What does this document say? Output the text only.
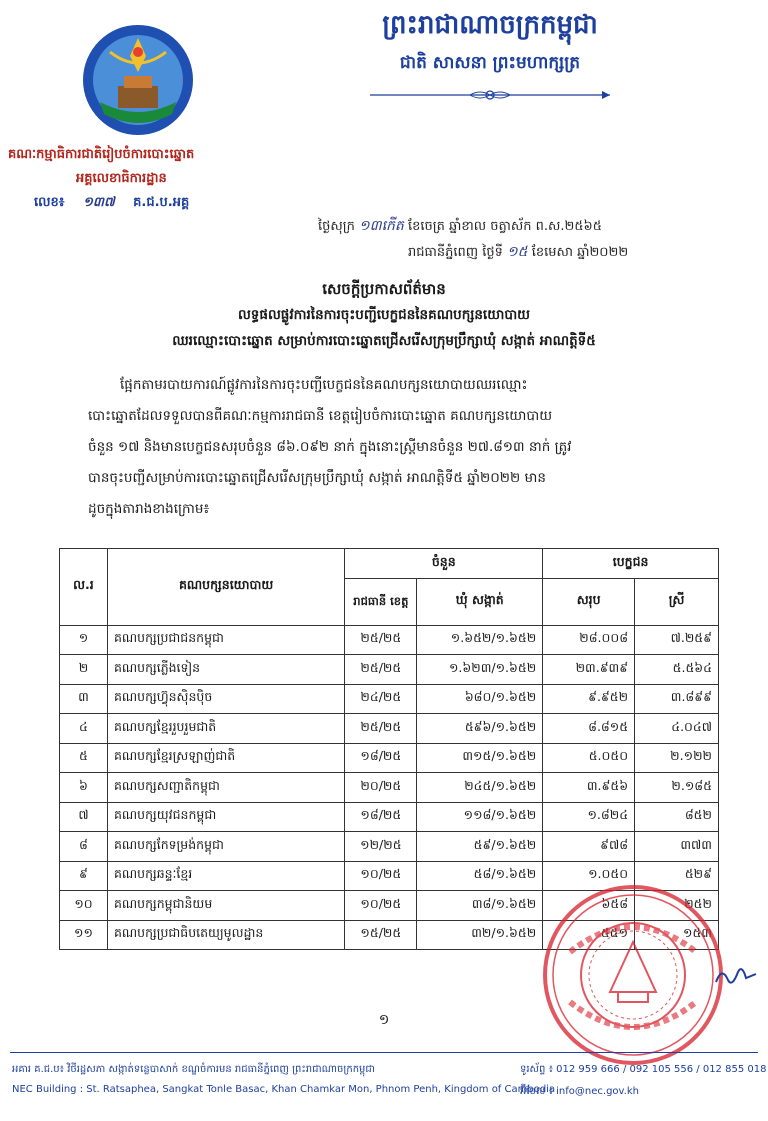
ព្រះរាជាណាចក្រកម្ពុជា
ជាតិ សាសនា ព្រះមហាក្សត្រ
គណៈកម្មាធិការជាតិរៀបចំការបោះឆ្នោត
អគ្គលេខាធិការដ្ឋាន
លេខ៖ ១៣៧ គ.ជ.ប.អគ្គ
ថ្ងៃសុក្រ ១៣កើត ខែចេត្រ ឆ្នាំខាល ចត្វាស័ក ព.ស.២៥៦៥
រាជធានីភ្នំពេញ ថ្ងៃទី ១៥ ខែមេសា ឆ្នាំ២០២២
សេចក្តីប្រកាសព័ត៌មាន
លទ្ធផលផ្លូវការនៃការចុះបញ្ជីបេក្ខជននៃគណបក្សនយោបាយ
ឈរឈ្មោះបោះឆ្នោត សម្រាប់ការបោះឆ្នោតជ្រើសរើសក្រុមប្រឹក្សាឃុំ សង្កាត់ អាណត្តិទី៥
ផ្អែកតាមរបាយការណ៍ផ្លូវការនៃការចុះបញ្ជីបេក្ខជននៃគណបក្សនយោបាយឈរឈ្មោះ
បោះឆ្នោតដែលទទួលបានពីគណៈកម្មការរាជធានី ខេត្តរៀបចំការបោះឆ្នោត គណបក្សនយោបាយ
ចំនួន ១៧ និងមានបេក្ខជនសរុបចំនួន ៨៦.០៩២ នាក់ ក្នុងនោះស្ត្រីមានចំនួន ២៧.៨១៣ នាក់ ត្រូវ
បានចុះបញ្ជីសម្រាប់ការបោះឆ្នោតជ្រើសរើសក្រុមប្រឹក្សាឃុំ សង្កាត់ អាណត្តិទី៥ ឆ្នាំ២០២២ មាន
ដូចក្នុងតារាងខាងក្រោម៖
ល.រ	គណបក្សនយោបាយ	ចំនួន		បេក្ខជន	
		រាជធានី ខេត្ត	ឃុំ សង្កាត់	សរុប	ស្រី
១	គណបក្សប្រជាជនកម្ពុជា	២៥/២៥	១.៦៥២/១.៦៥២	២៨.០០៨	៧.២៥៩
២	គណបក្សភ្លើងទៀន	២៥/២៥	១.៦២៣/១.៦៥២	២៣.៩៣៩	៥.៥៦៤
៣	គណបក្សហ៊្វុនស៊ិនប៉ិច	២៤/២៥	៦៨០/១.៦៥២	៩.៩៥២	៣.៨៩៩
៤	គណបក្សខ្មែររួបរួមជាតិ	២៥/២៥	៥៩៦/១.៦៥២	៨.៨១៥	៤.០៤៧
៥	គណបក្សខ្មែរស្រឡាញ់ជាតិ	១៨/២៥	៣១៥/១.៦៥២	៥.០៥០	២.១២២
៦	គណបក្សសញ្ជាតិកម្ពុជា	២០/២៥	២៤៥/១.៦៥២	៣.៩៥៦	២.១៨៥
៧	គណបក្សយុវជនកម្ពុជា	១៨/២៥	១១៨/១.៦៥២	១.៨២៤	៨៥២
៨	គណបក្សកែទម្រង់កម្ពុជា	១២/២៥	៥៩/១.៦៥២	៩៧៨	៣៧៣
៩	គណបក្សឆន្ទៈខ្មែរ	១០/២៥	៥៨/១.៦៥២	១.០៥០	៥២៩
១០	គណបក្សកម្ពុជានិយម	១០/២៥	៣៨/១.៦៥២	៦៥៨	២៥២
១១	គណបក្សប្រជាធិបតេយ្យមូលដ្ឋាន	១៥/២៥	៣២/១.៦៥២	៥៥១	១៥៣
១
អគារ គ.ជ.ប៖ វិថីរដ្ឋសភា សង្កាត់ទន្លេបាសាក់ ខណ្ឌចំការមន រាជធានីភ្នំពេញ ព្រះរាជាណាចក្រកម្ពុជា
NEC Building : St. Ratsaphea, Sangkat Tonle Basac, Khan Chamkar Mon, Phnom Penh, Kingdom of Cambodia
ទូរស័ព្ទ ៖ 012 959 666 / 092 105 556 / 012 855 018
អ៊ីមែល ៖ info@nec.gov.kh
